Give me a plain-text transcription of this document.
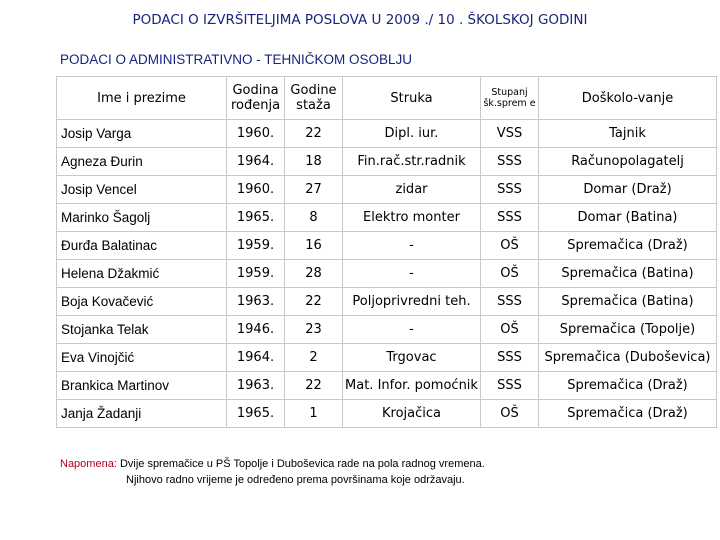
PODACI O IZVRŠITELJIMA POSLOVA U 2009 ./ 10 . ŠKOLSKOJ GODINI
PODACI O ADMINISTRATIVNO - TEHNIČKOM OSOBLJU
Ime i prezime	Godina rođenja	Godine staža	Struka	Stupanj šk.sprem e	Doškolo-vanje
Josip Varga	1960.	22	Dipl. iur.	VSS	Tajnik
Agneza Đurin	1964.	18	Fin.rač.str.radnik	SSS	Računopolagatelj
Josip Vencel	1960.	27	zidar	SSS	Domar (Draž)
Marinko Šagolj	1965.	8	Elektro monter	SSS	Domar (Batina)
Đurđa Balatinac	1959.	16	-	OŠ	Spremačica (Draž)
Helena Džakmić	1959.	28	-	OŠ	Spremačica (Batina)
Boja Kovačević	1963.	22	Poljoprivredni teh.	SSS	Spremačica (Batina)
Stojanka Telak	1946.	23	-	OŠ	Spremačica (Topolje)
Eva Vinojčić	1964.	2	Trgovac	SSS	Spremačica (Duboševica)
Brankica Martinov	1963.	22	Mat. Infor. pomoćnik	SSS	Spremačica (Draž)
Janja Žadanji	1965.	1	Krojačica	OŠ	Spremačica (Draž)
Napomena: Dvije spremačice u PŠ Topolje i Duboševica rade na pola radnog vremena.
Njihovo radno vrijeme je određeno prema površinama koje održavaju.
